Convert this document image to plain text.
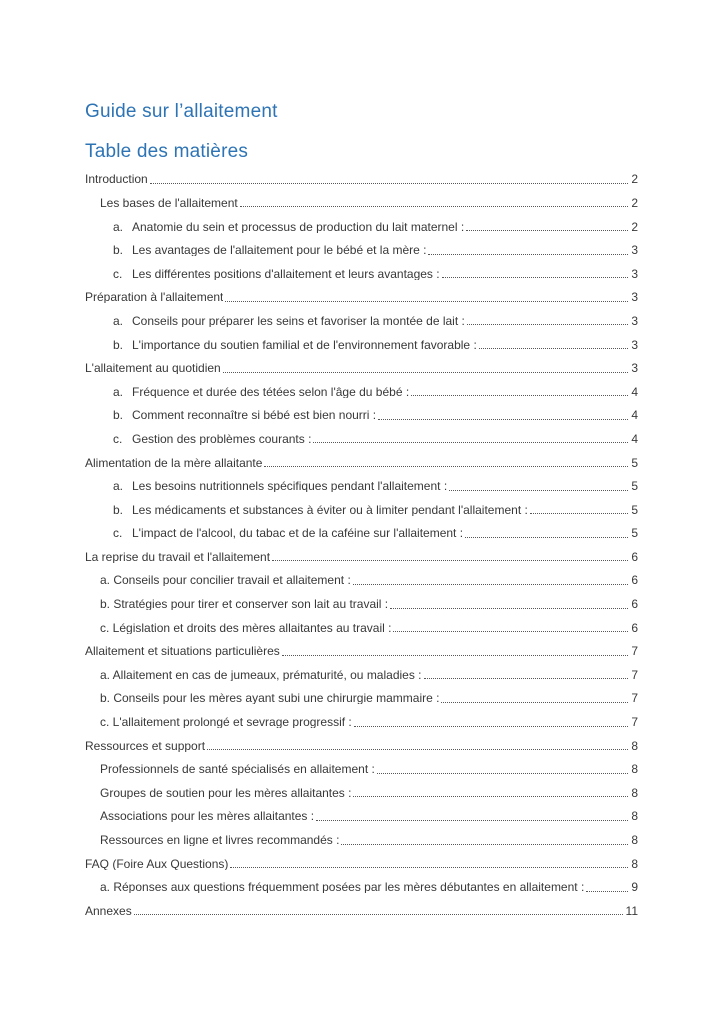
Guide sur l’allaitement
Table des matières
Introduction	2
Les bases de l'allaitement	2
a. Anatomie du sein et processus de production du lait maternel :	2
b. Les avantages de l'allaitement pour le bébé et la mère :	3
c. Les différentes positions d'allaitement et leurs avantages :	3
Préparation à l'allaitement	3
a. Conseils pour préparer les seins et favoriser la montée de lait :	3
b. L'importance du soutien familial et de l'environnement favorable :	3
L'allaitement au quotidien	3
a. Fréquence et durée des tétées selon l'âge du bébé :	4
b. Comment reconnaître si bébé est bien nourri :	4
c. Gestion des problèmes courants :	4
Alimentation de la mère allaitante	5
a. Les besoins nutritionnels spécifiques pendant l'allaitement :	5
b. Les médicaments et substances à éviter ou à limiter pendant l'allaitement :	5
c. L'impact de l'alcool, du tabac et de la caféine sur l'allaitement :	5
La reprise du travail et l'allaitement	6
a. Conseils pour concilier travail et allaitement :	6
b. Stratégies pour tirer et conserver son lait au travail :	6
c. Législation et droits des mères allaitantes au travail :	6
Allaitement et situations particulières	7
a. Allaitement en cas de jumeaux, prématurité, ou maladies :	7
b. Conseils pour les mères ayant subi une chirurgie mammaire :	7
c. L'allaitement prolongé et sevrage progressif :	7
Ressources et support	8
Professionnels de santé spécialisés en allaitement :	8
Groupes de soutien pour les mères allaitantes :	8
Associations pour les mères allaitantes :	8
Ressources en ligne et livres recommandés :	8
FAQ (Foire Aux Questions)	8
a. Réponses aux questions fréquemment posées par les mères débutantes en allaitement :	9
Annexes	11
